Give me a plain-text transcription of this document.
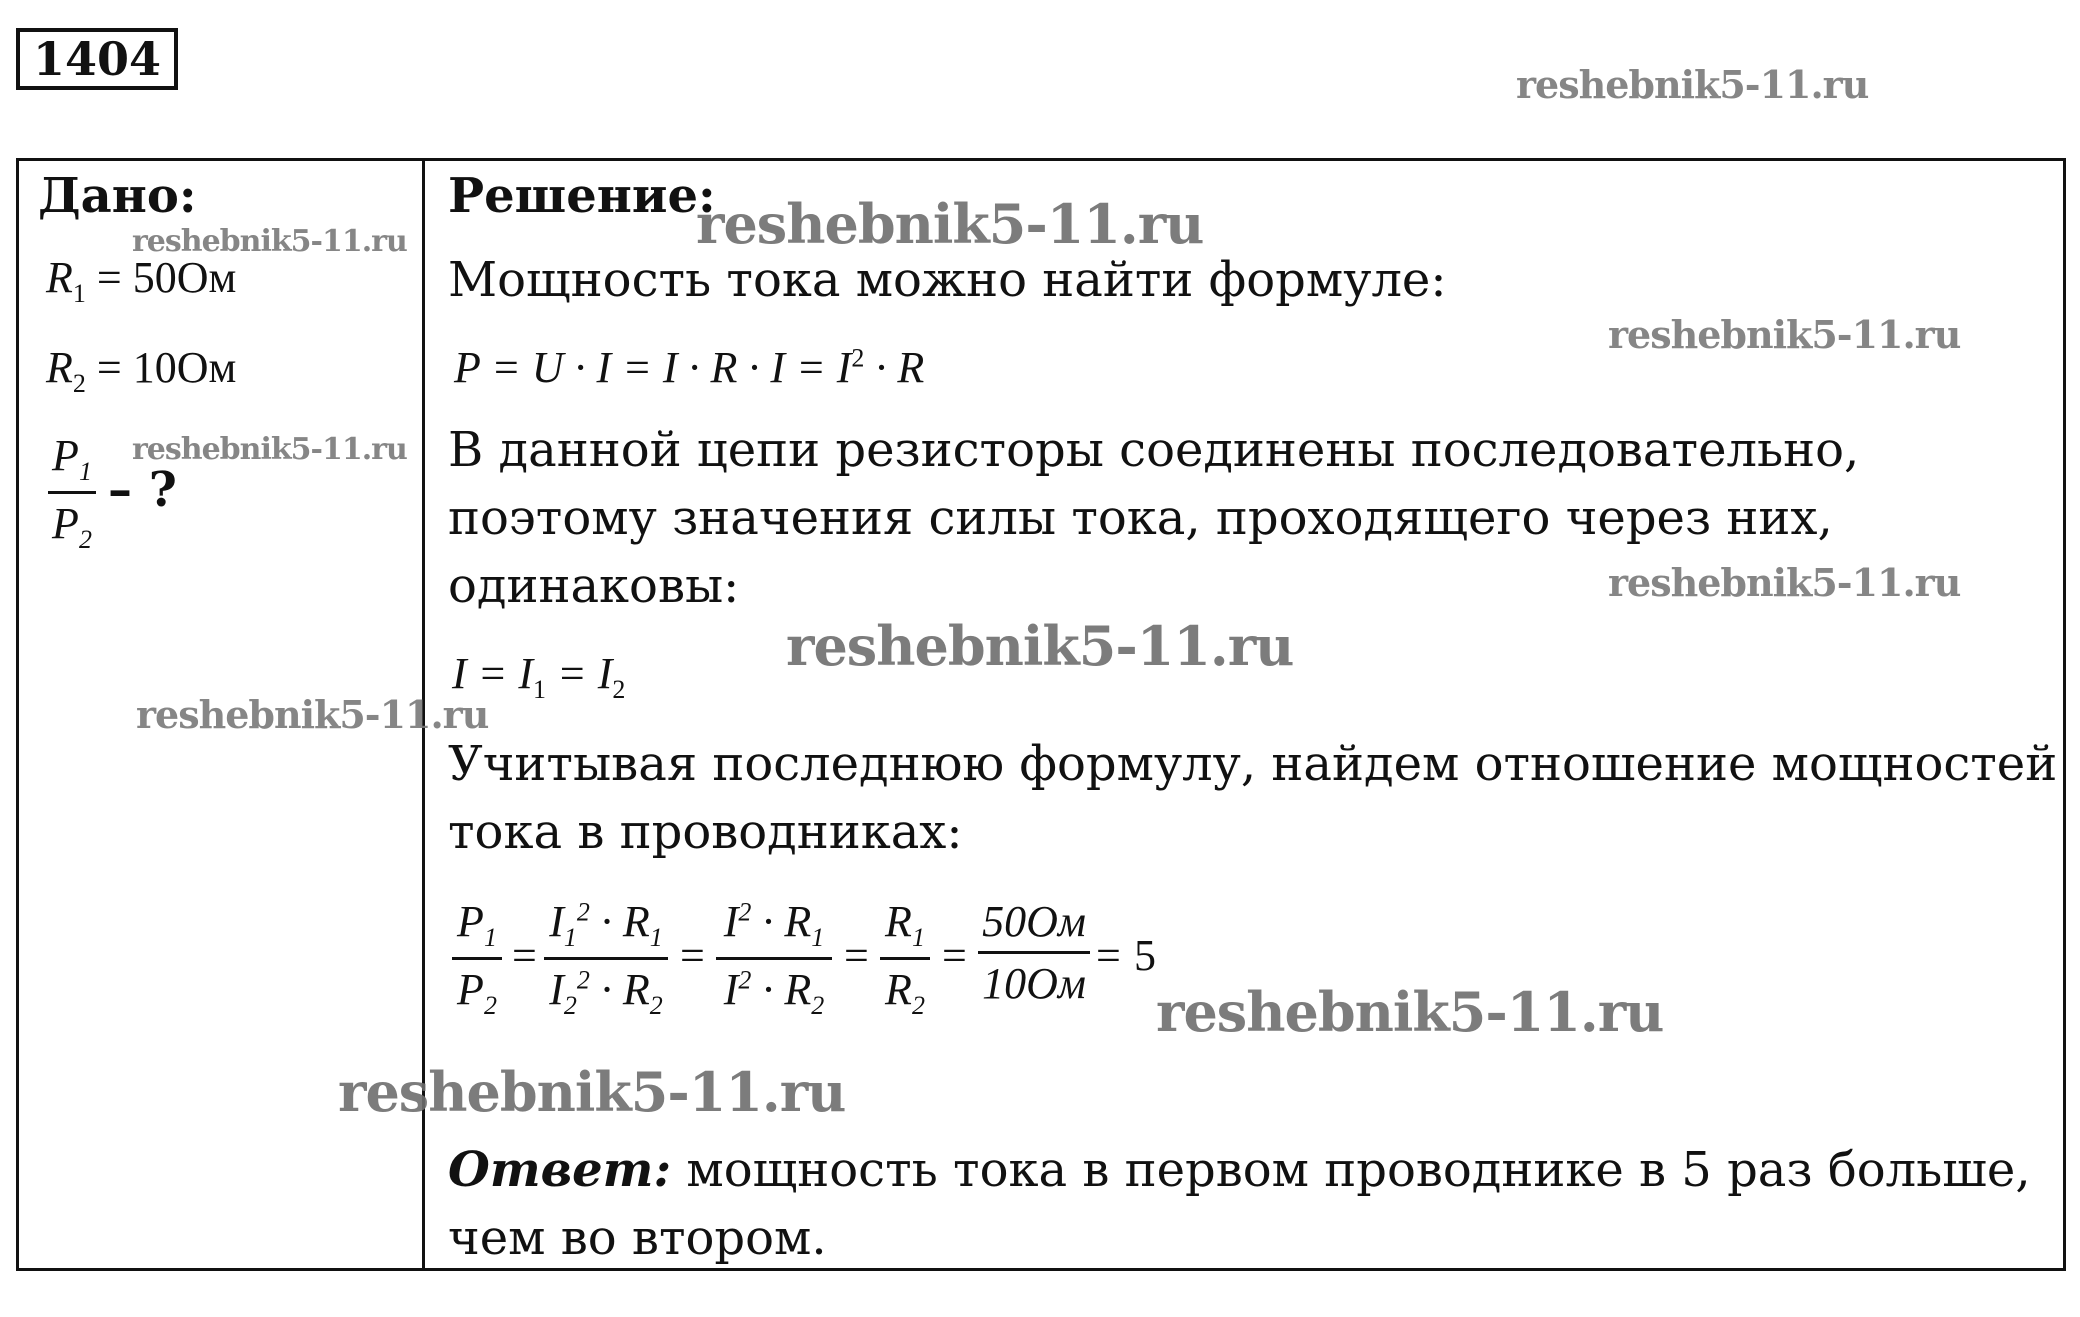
1404	reshebnik5-11.ru
Дано:
reshebnik5-11.ru
$R_1 = 50Ом$
$R_2 = 10Ом$
$P_1$
$P_2$
– ?
reshebnik5-11.ru
reshebnik5-11.ru
Решение:
reshebnik5-11.ru
Мощность тока можно найти формуле:
reshebnik5-11.ru
$P = U \cdot I = I \cdot R \cdot I = I^2 \cdot R$
В данной цепи резисторы соединены последовательно,
поэтому значения силы тока, проходящего через них,
одинаковы:	reshebnik5-11.ru
reshebnik5-11.ru
$I = I_1 = I_2$
Учитывая последнюю формулу, найдем отношение мощностей
тока в проводниках:
$P_1$
$P_2$
=
$I_1^2 \cdot R_1$
$I_2^2 \cdot R_2$
=
$I^2 \cdot R_1$
$I^2 \cdot R_2$
=
$R_1$
$R_2$
=
50Ом
10Ом
= 5
reshebnik5-11.ru
reshebnik5-11.ru
Ответ: мощность тока в первом проводнике в 5 раз больше,
чем во втором.
